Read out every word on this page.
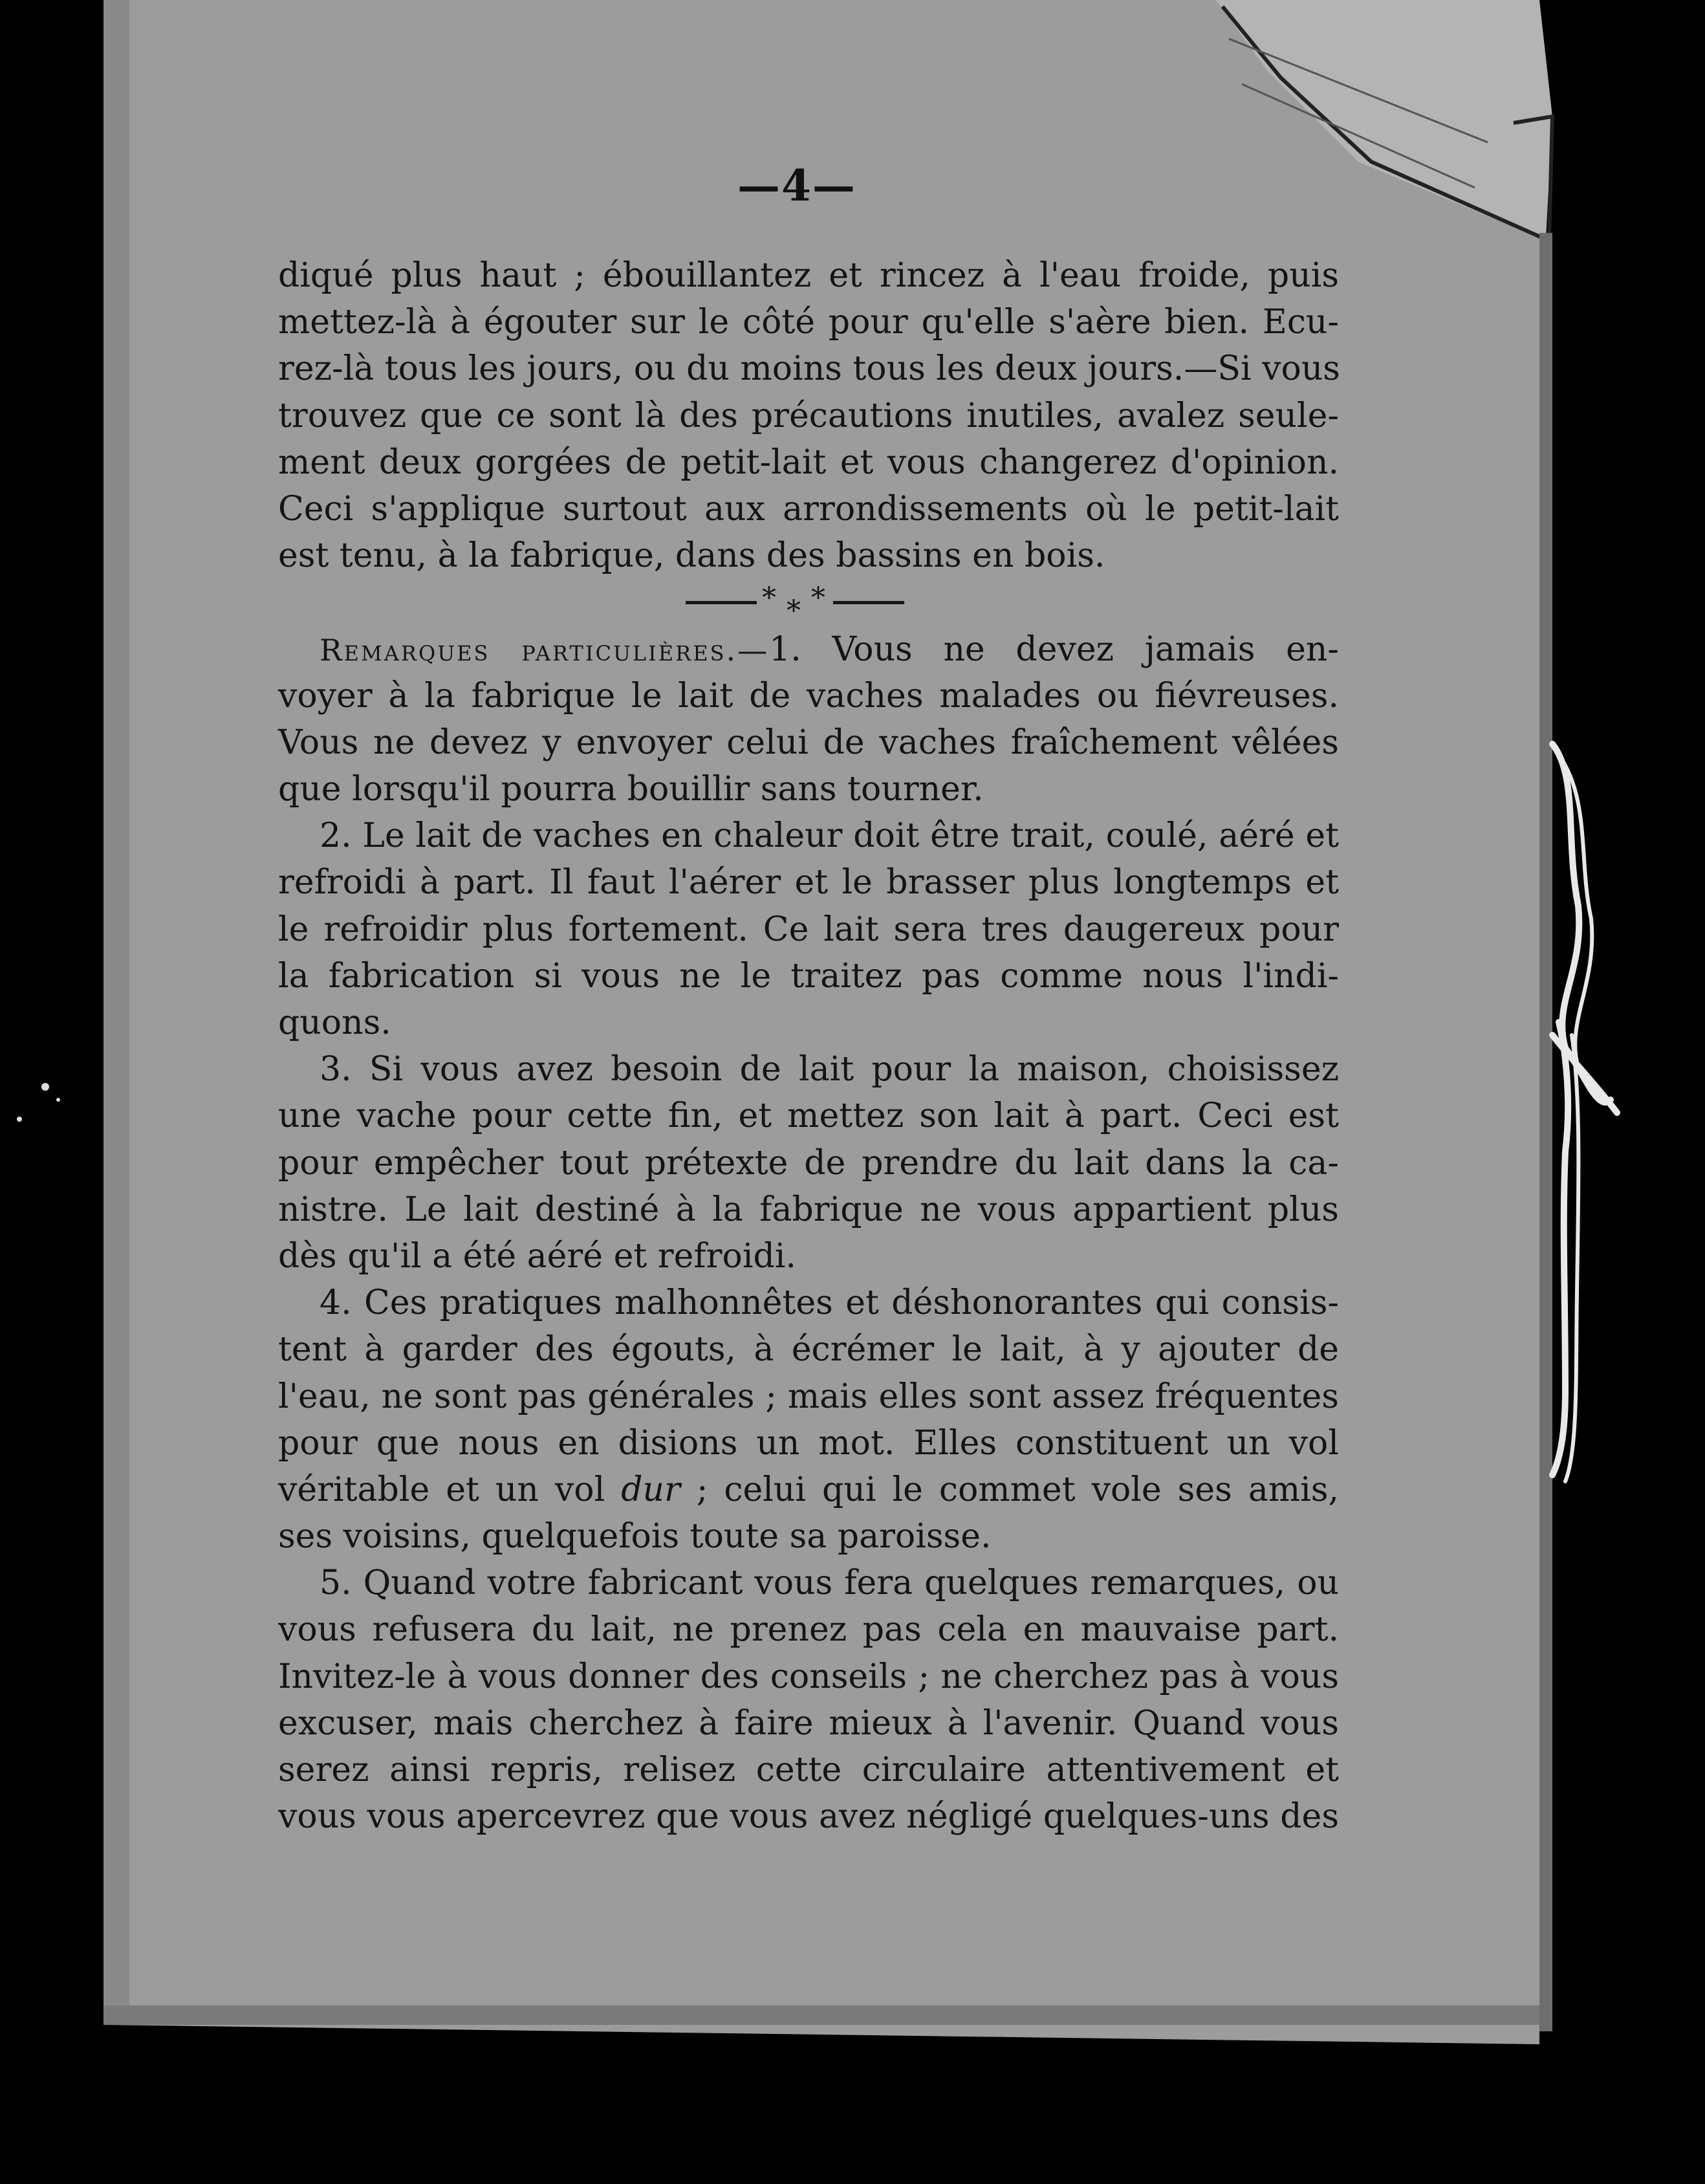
—4—
diqué plus haut ; ébouillantez et rincez à l'eau froide, puis
mettez-là à égouter sur le côté pour qu'elle s'aère bien. Ecu-
rez-là tous les jours, ou du moins tous les deux jours.—Si vous
trouvez que ce sont là des précautions inutiles, avalez seule-
ment deux gorgées de petit-lait et vous changerez d'opinion.
Ceci s'applique surtout aux arrondissements où le petit-lait
est tenu, à la fabrique, dans des bassins en bois.
* * *
Remarques particulières.—1. Vous ne devez jamais en-
voyer à la fabrique le lait de vaches malades ou fiévreuses.
Vous ne devez y envoyer celui de vaches fraîchement vêlées
que lorsqu'il pourra bouillir sans tourner.
2. Le lait de vaches en chaleur doit être trait, coulé, aéré et
refroidi à part. Il faut l'aérer et le brasser plus longtemps et
le refroidir plus fortement. Ce lait sera tres daugereux pour
la fabrication si vous ne le traitez pas comme nous l'indi-
quons.
3. Si vous avez besoin de lait pour la maison, choisissez
une vache pour cette fin, et mettez son lait à part. Ceci est
pour empêcher tout prétexte de prendre du lait dans la ca-
nistre. Le lait destiné à la fabrique ne vous appartient plus
dès qu'il a été aéré et refroidi.
4. Ces pratiques malhonnêtes et déshonorantes qui consis-
tent à garder des égouts, à écrémer le lait, à y ajouter de
l'eau, ne sont pas générales ; mais elles sont assez fréquentes
pour que nous en disions un mot. Elles constituent un vol
véritable et un vol dur ; celui qui le commet vole ses amis,
ses voisins, quelquefois toute sa paroisse.
5. Quand votre fabricant vous fera quelques remarques, ou
vous refusera du lait, ne prenez pas cela en mauvaise part.
Invitez-le à vous donner des conseils ; ne cherchez pas à vous
excuser, mais cherchez à faire mieux à l'avenir. Quand vous
serez ainsi repris, relisez cette circulaire attentivement et
vous vous apercevrez que vous avez négligé quelques-uns des
